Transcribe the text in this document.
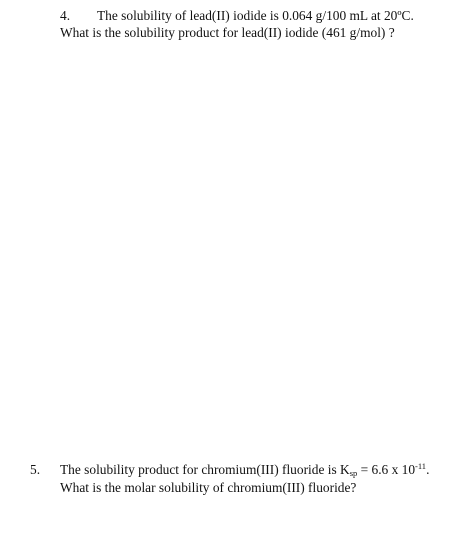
4. The solubility of lead(II) iodide is 0.064 g/100 mL at 20ºC.
What is the solubility product for lead(II) iodide (461 g/mol) ?
5. The solubility product for chromium(III) fluoride is $K_{sp} = 6.6$ x $10^{-11}$.
What is the molar solubility of chromium(III) fluoride?
